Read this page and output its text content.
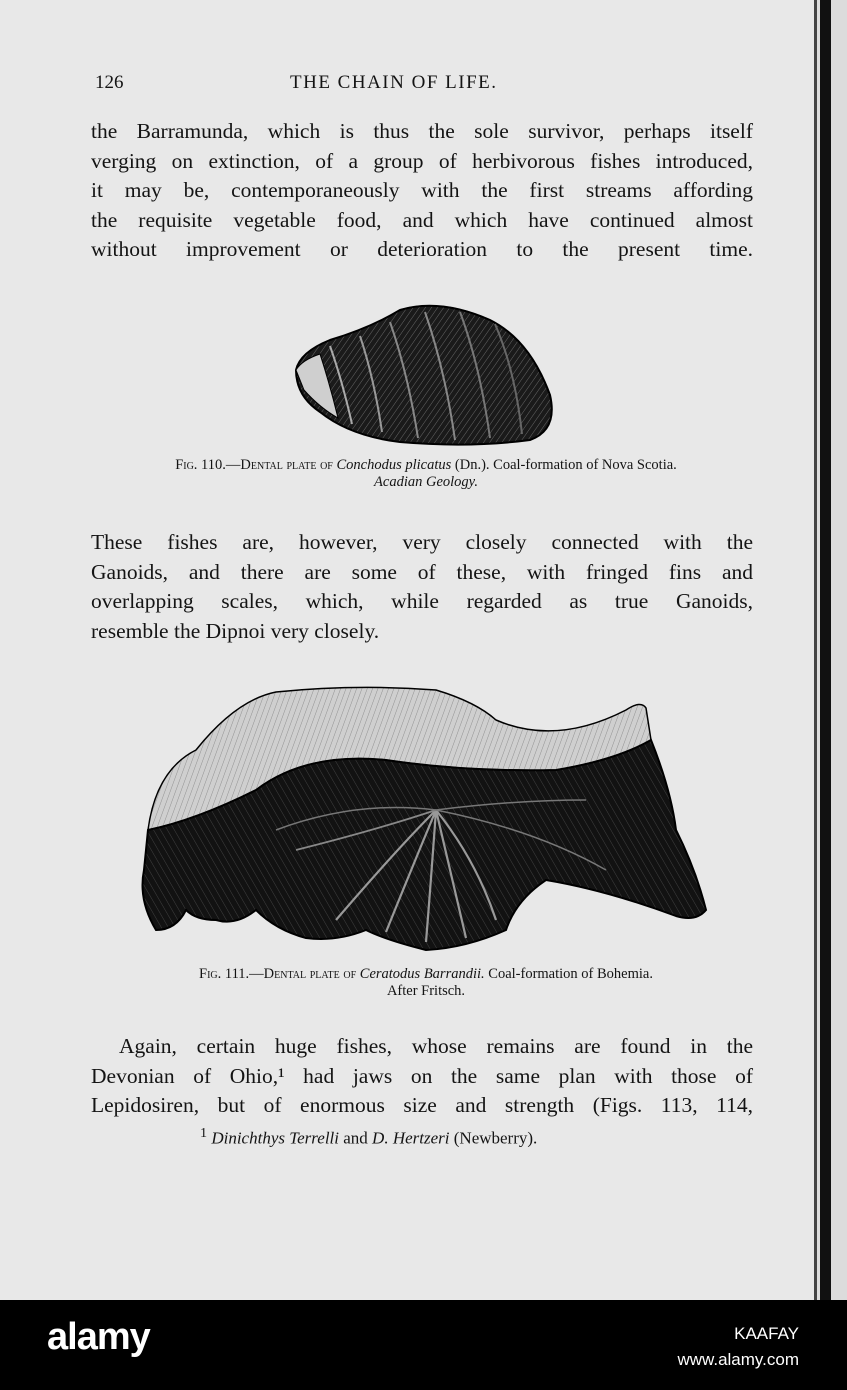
126	THE CHAIN OF LIFE.
the Barramunda, which is thus the sole survivor, perhaps itself
verging on extinction, of a group of herbivorous fishes introduced,
it may be, contemporaneously with the first streams affording
the requisite vegetable food, and which have continued almost
without improvement or deterioration to the present time.
Fig. 110.—Dental plate of Conchodus plicatus (Dn.). Coal-formation of Nova Scotia.
Acadian Geology.
These fishes are, however, very closely connected with the
Ganoids, and there are some of these, with fringed fins and
overlapping scales, which, while regarded as true Ganoids,
resemble the Dipnoi very closely.
Fig. 111.—Dental plate of Ceratodus Barrandii. Coal-formation of Bohemia.
After Fritsch.
Again, certain huge fishes, whose remains are found in the
Devonian of Ohio,¹ had jaws on the same plan with those of
Lepidosiren, but of enormous size and strength (Figs. 113, 114,
$^1$ Dinichthys Terrelli and D. Hertzeri (Newberry).
alamy	KAAFAY
www.alamy.com
